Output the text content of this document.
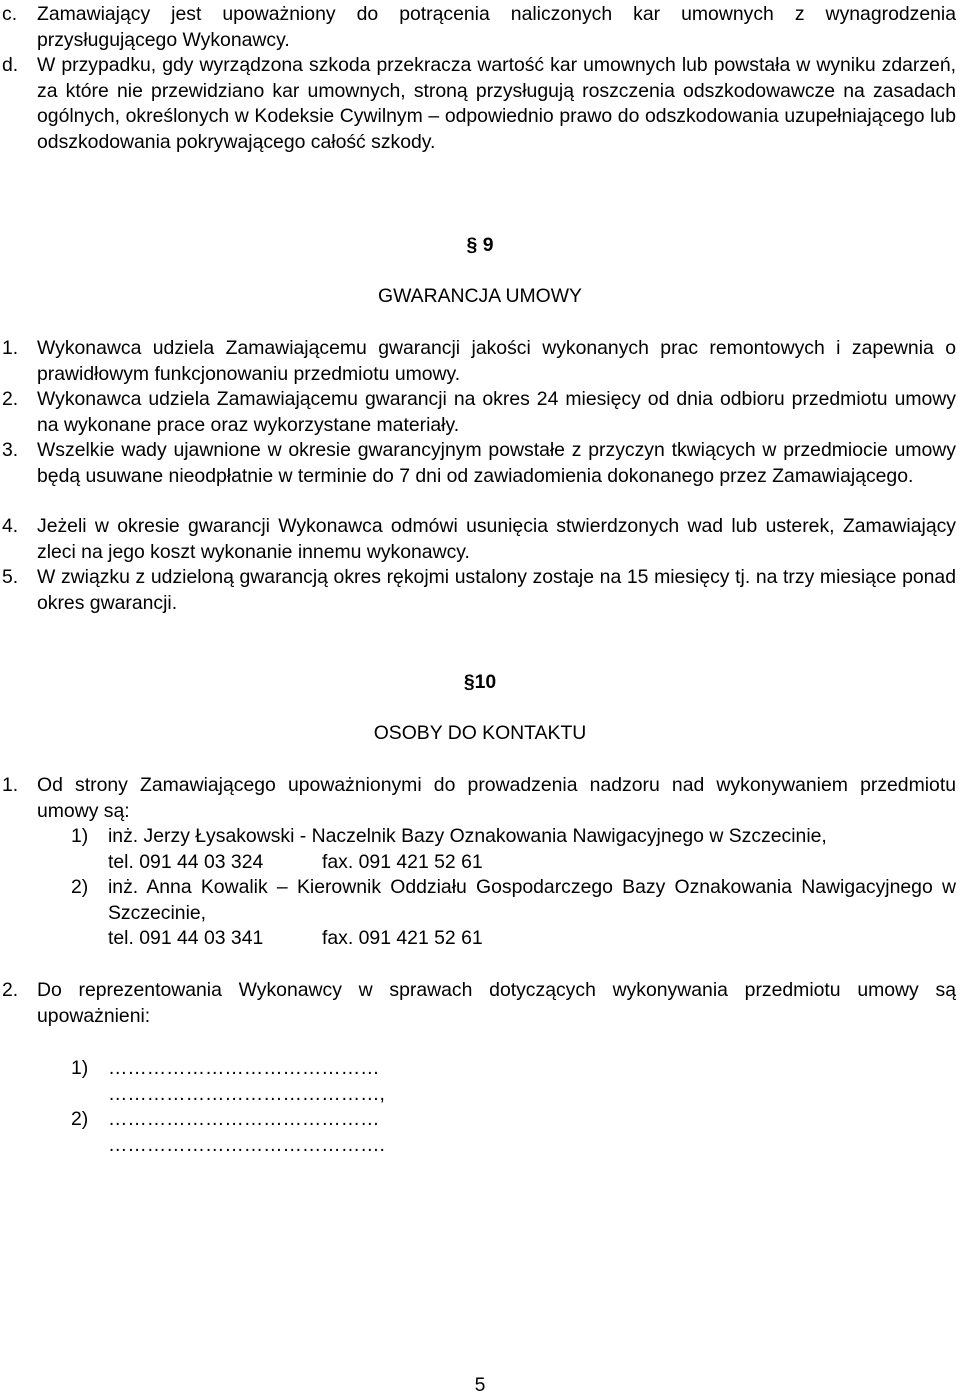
c. Zamawiający jest upoważniony do potrącenia naliczonych kar umownych z wynagrodzenia przysługującego Wykonawcy.
d. W przypadku, gdy wyrządzona szkoda przekracza wartość kar umownych lub powstała w wyniku zdarzeń, za które nie przewidziano kar umownych, stroną przysługują roszczenia odszkodowawcze na zasadach ogólnych, określonych w Kodeksie Cywilnym – odpowiednio prawo do odszkodowania uzupełniającego lub odszkodowania pokrywającego całość szkody.
§ 9
GWARANCJA UMOWY
1. Wykonawca udziela Zamawiającemu gwarancji jakości wykonanych prac remontowych i zapewnia o prawidłowym funkcjonowaniu przedmiotu umowy.
2. Wykonawca udziela Zamawiającemu gwarancji na okres 24 miesięcy od dnia odbioru przedmiotu umowy na wykonane prace oraz wykorzystane materiały.
3. Wszelkie wady ujawnione w okresie gwarancyjnym powstałe z przyczyn tkwiących w przedmiocie umowy będą usuwane nieodpłatnie w terminie do 7 dni od zawiadomienia dokonanego przez Zamawiającego.
4. Jeżeli w okresie gwarancji Wykonawca odmówi usunięcia stwierdzonych wad lub usterek, Zamawiający zleci na jego koszt wykonanie innemu wykonawcy.
5. W związku z udzieloną gwarancją okres rękojmi ustalony zostaje na 15 miesięcy tj. na trzy miesiące ponad okres gwarancji.
§10
OSOBY DO KONTAKTU
1. Od strony Zamawiającego upoważnionymi do prowadzenia nadzoru nad wykonywaniem przedmiotu umowy są:
1) inż. Jerzy Łysakowski - Naczelnik Bazy Oznakowania Nawigacyjnego w Szczecinie,
tel. 091 44 03 324	fax. 091 421 52 61
2) inż. Anna Kowalik – Kierownik Oddziału Gospodarczego Bazy Oznakowania Nawigacyjnego w Szczecinie,
tel. 091 44 03 341	fax. 091 421 52 61
2. Do reprezentowania Wykonawcy w sprawach dotyczących wykonywania przedmiotu umowy są upoważnieni:
1) ……………………………………
……………………………………,
2) ……………………………………
…………………………………….
5
